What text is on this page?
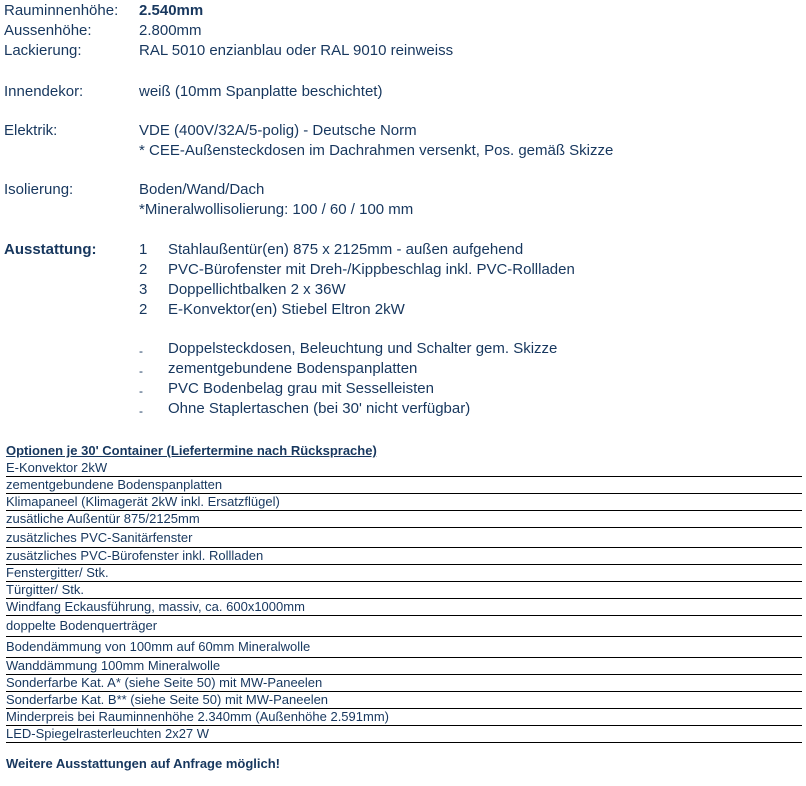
Rauminnenhöhe: 2.540mm
Aussenhöhe:	2.800mm
Lackierung:	RAL 5010 enzianblau oder RAL 9010 reinweiss
Innendekor:	weiß (10mm Spanplatte beschichtet)
Elektrik:	VDE (400V/32A/5-polig) - Deutsche Norm
* CEE-Außensteckdosen im Dachrahmen versenkt, Pos. gemäß Skizze
Isolierung:	Boden/Wand/Dach
*Mineralwollisolierung: 100 / 60 / 100 mm
Ausstattung:	1	Stahlaußentür(en) 875 x 2125mm - außen aufgehend
2	PVC-Bürofenster mit Dreh-/Kippbeschlag inkl. PVC-Rollladen
3	Doppellichtbalken 2 x 36W
2	E-Konvektor(en) Stiebel Eltron 2kW
-	Doppelsteckdosen, Beleuchtung und Schalter gem. Skizze
-	zementgebundene Bodenspanplatten
-	PVC Bodenbelag grau mit Sesselleisten
-	Ohne Staplertaschen (bei 30' nicht verfügbar)
Optionen je 30' Container (Liefertermine nach Rücksprache)
E-Konvektor 2kW
zementgebundene Bodenspanplatten
Klimapaneel (Klimagerät 2kW inkl. Ersatzflügel)
zusätliche Außentür 875/2125mm
zusätzliches PVC-Sanitärfenster
zusätzliches PVC-Bürofenster inkl. Rollladen
Fenstergitter/ Stk.
Türgitter/ Stk.
Windfang Eckausführung, massiv, ca. 600x1000mm
doppelte Bodenquerträger
Bodendämmung von 100mm auf 60mm Mineralwolle
Wanddämmung 100mm Mineralwolle
Sonderfarbe Kat. A* (siehe Seite 50) mit MW-Paneelen
Sonderfarbe Kat. B** (siehe Seite 50) mit MW-Paneelen
Minderpreis bei Rauminnenhöhe 2.340mm (Außenhöhe 2.591mm)
LED-Spiegelrasterleuchten 2x27 W
Weitere Ausstattungen auf Anfrage möglich!
